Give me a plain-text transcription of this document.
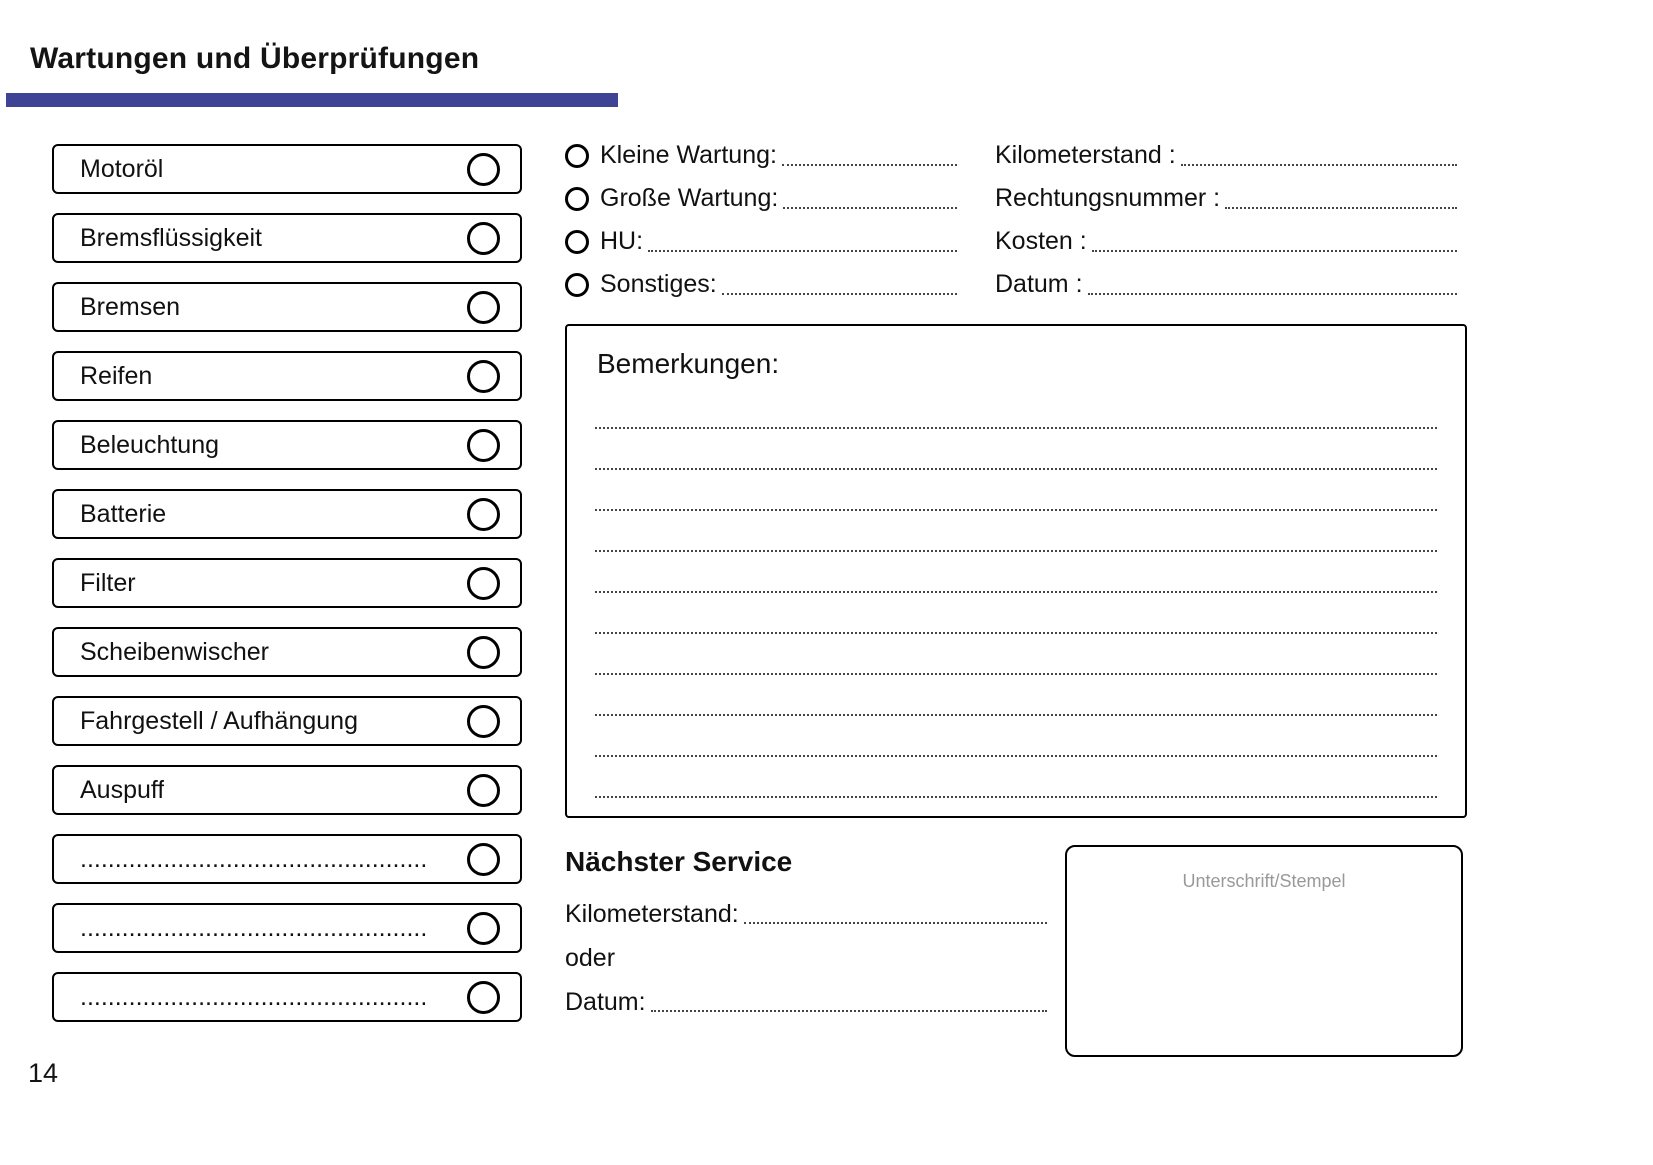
Wartungen und Überprüfungen
Motoröl
Bremsflüssigkeit
Bremsen
Reifen
Beleuchtung
Batterie
Filter
Scheibenwischer
Fahrgestell / Aufhängung
Auspuff
..................................................
..................................................
..................................................
Kleine Wartung:
Große Wartung:
HU:
Sonstiges:
Kilometerstand :
Rechtungsnummer :
Kosten :
Datum :
Bemerkungen:
Nächster Service
Kilometerstand:
oder
Datum:
Unterschrift/Stempel
14
